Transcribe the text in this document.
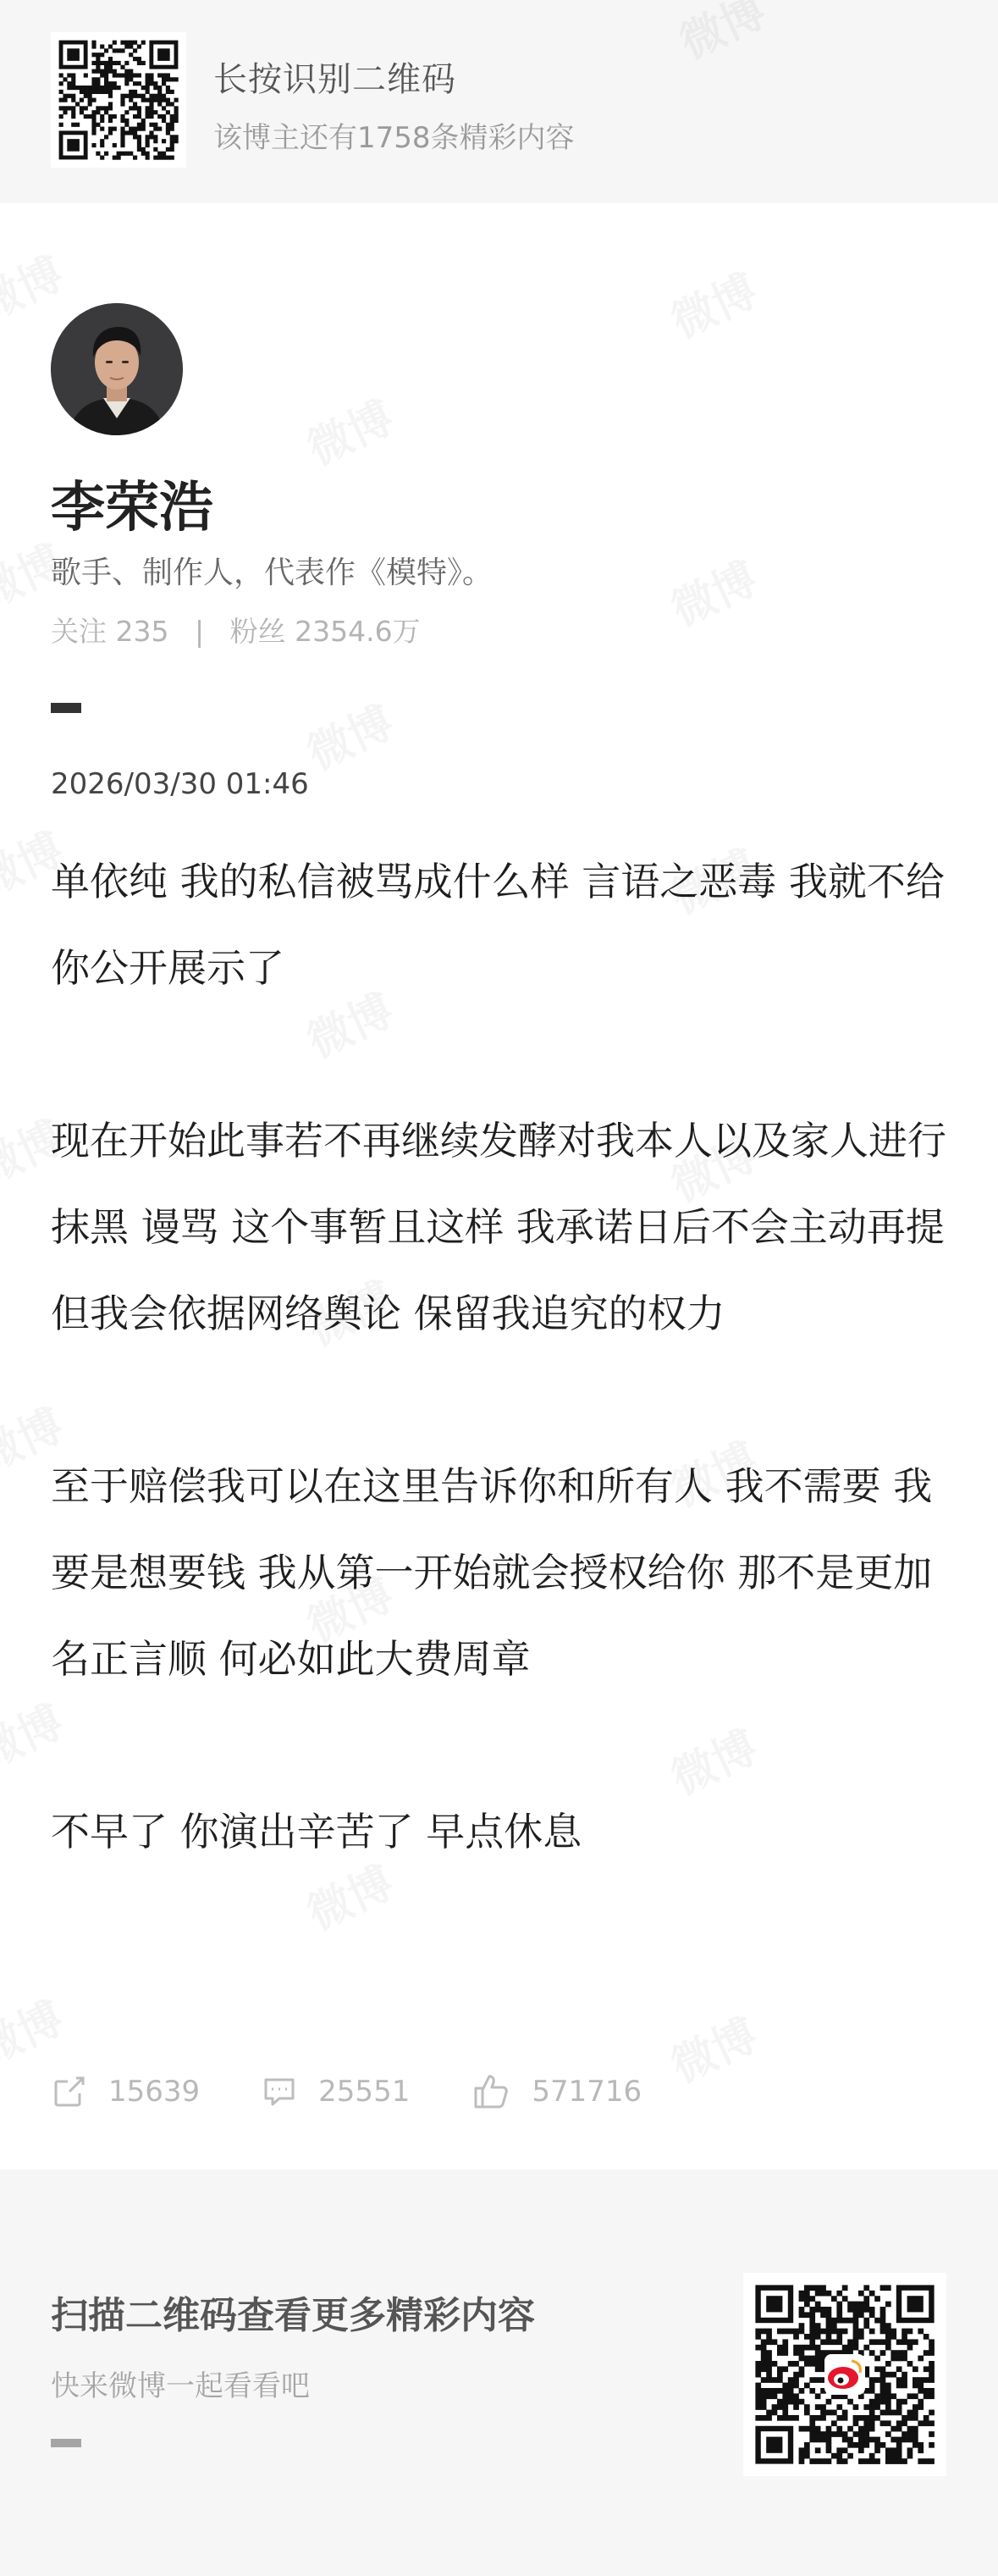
长按识别二维码
该博主还有1758条精彩内容
李荣浩
歌手、制作人，代表作《模特》。
关注 235 | 粉丝 2354.6万
2026/03/30 01:46

单依纯 我的私信被骂成什么样 言语之恶毒 我就不给你公开展示了

现在开始此事若不再继续发酵对我本人以及家人进行抹黑 谩骂 这个事暂且这样 我承诺日后不会主动再提 但我会依据网络舆论 保留我追究的权力

至于赔偿我可以在这里告诉你和所有人 我不需要 我要是想要钱 我从第一开始就会授权给你 那不是更加名正言顺 何必如此大费周章

不早了 你演出辛苦了 早点休息

15639	25551	571716
扫描二维码查看更多精彩内容
快来微博一起看看吧
